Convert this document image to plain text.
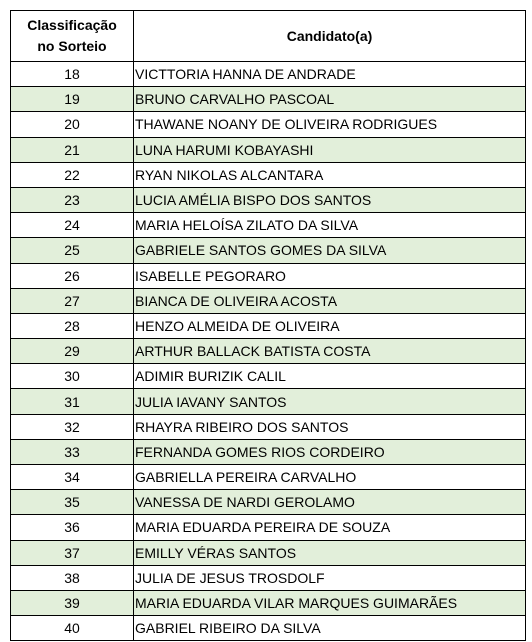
Classificação
no Sorteio	Candidato(a)
18	VICTTORIA HANNA DE ANDRADE
19	BRUNO CARVALHO PASCOAL
20	THAWANE NOANY DE OLIVEIRA RODRIGUES
21	LUNA HARUMI KOBAYASHI
22	RYAN NIKOLAS ALCANTARA
23	LUCIA AMÉLIA BISPO DOS SANTOS
24	MARIA HELOÍSA ZILATO DA SILVA
25	GABRIELE SANTOS GOMES DA SILVA
26	ISABELLE PEGORARO
27	BIANCA DE OLIVEIRA ACOSTA
28	HENZO ALMEIDA DE OLIVEIRA
29	ARTHUR BALLACK BATISTA COSTA
30	ADIMIR BURIZIK CALIL
31	JULIA IAVANY SANTOS
32	RHAYRA RIBEIRO DOS SANTOS
33	FERNANDA GOMES RIOS CORDEIRO
34	GABRIELLA PEREIRA CARVALHO
35	VANESSA DE NARDI GEROLAMO
36	MARIA EDUARDA PEREIRA DE SOUZA
37	EMILLY VÉRAS SANTOS
38	JULIA DE JESUS TROSDOLF
39	MARIA EDUARDA VILAR MARQUES GUIMARÃES
40	GABRIEL RIBEIRO DA SILVA
